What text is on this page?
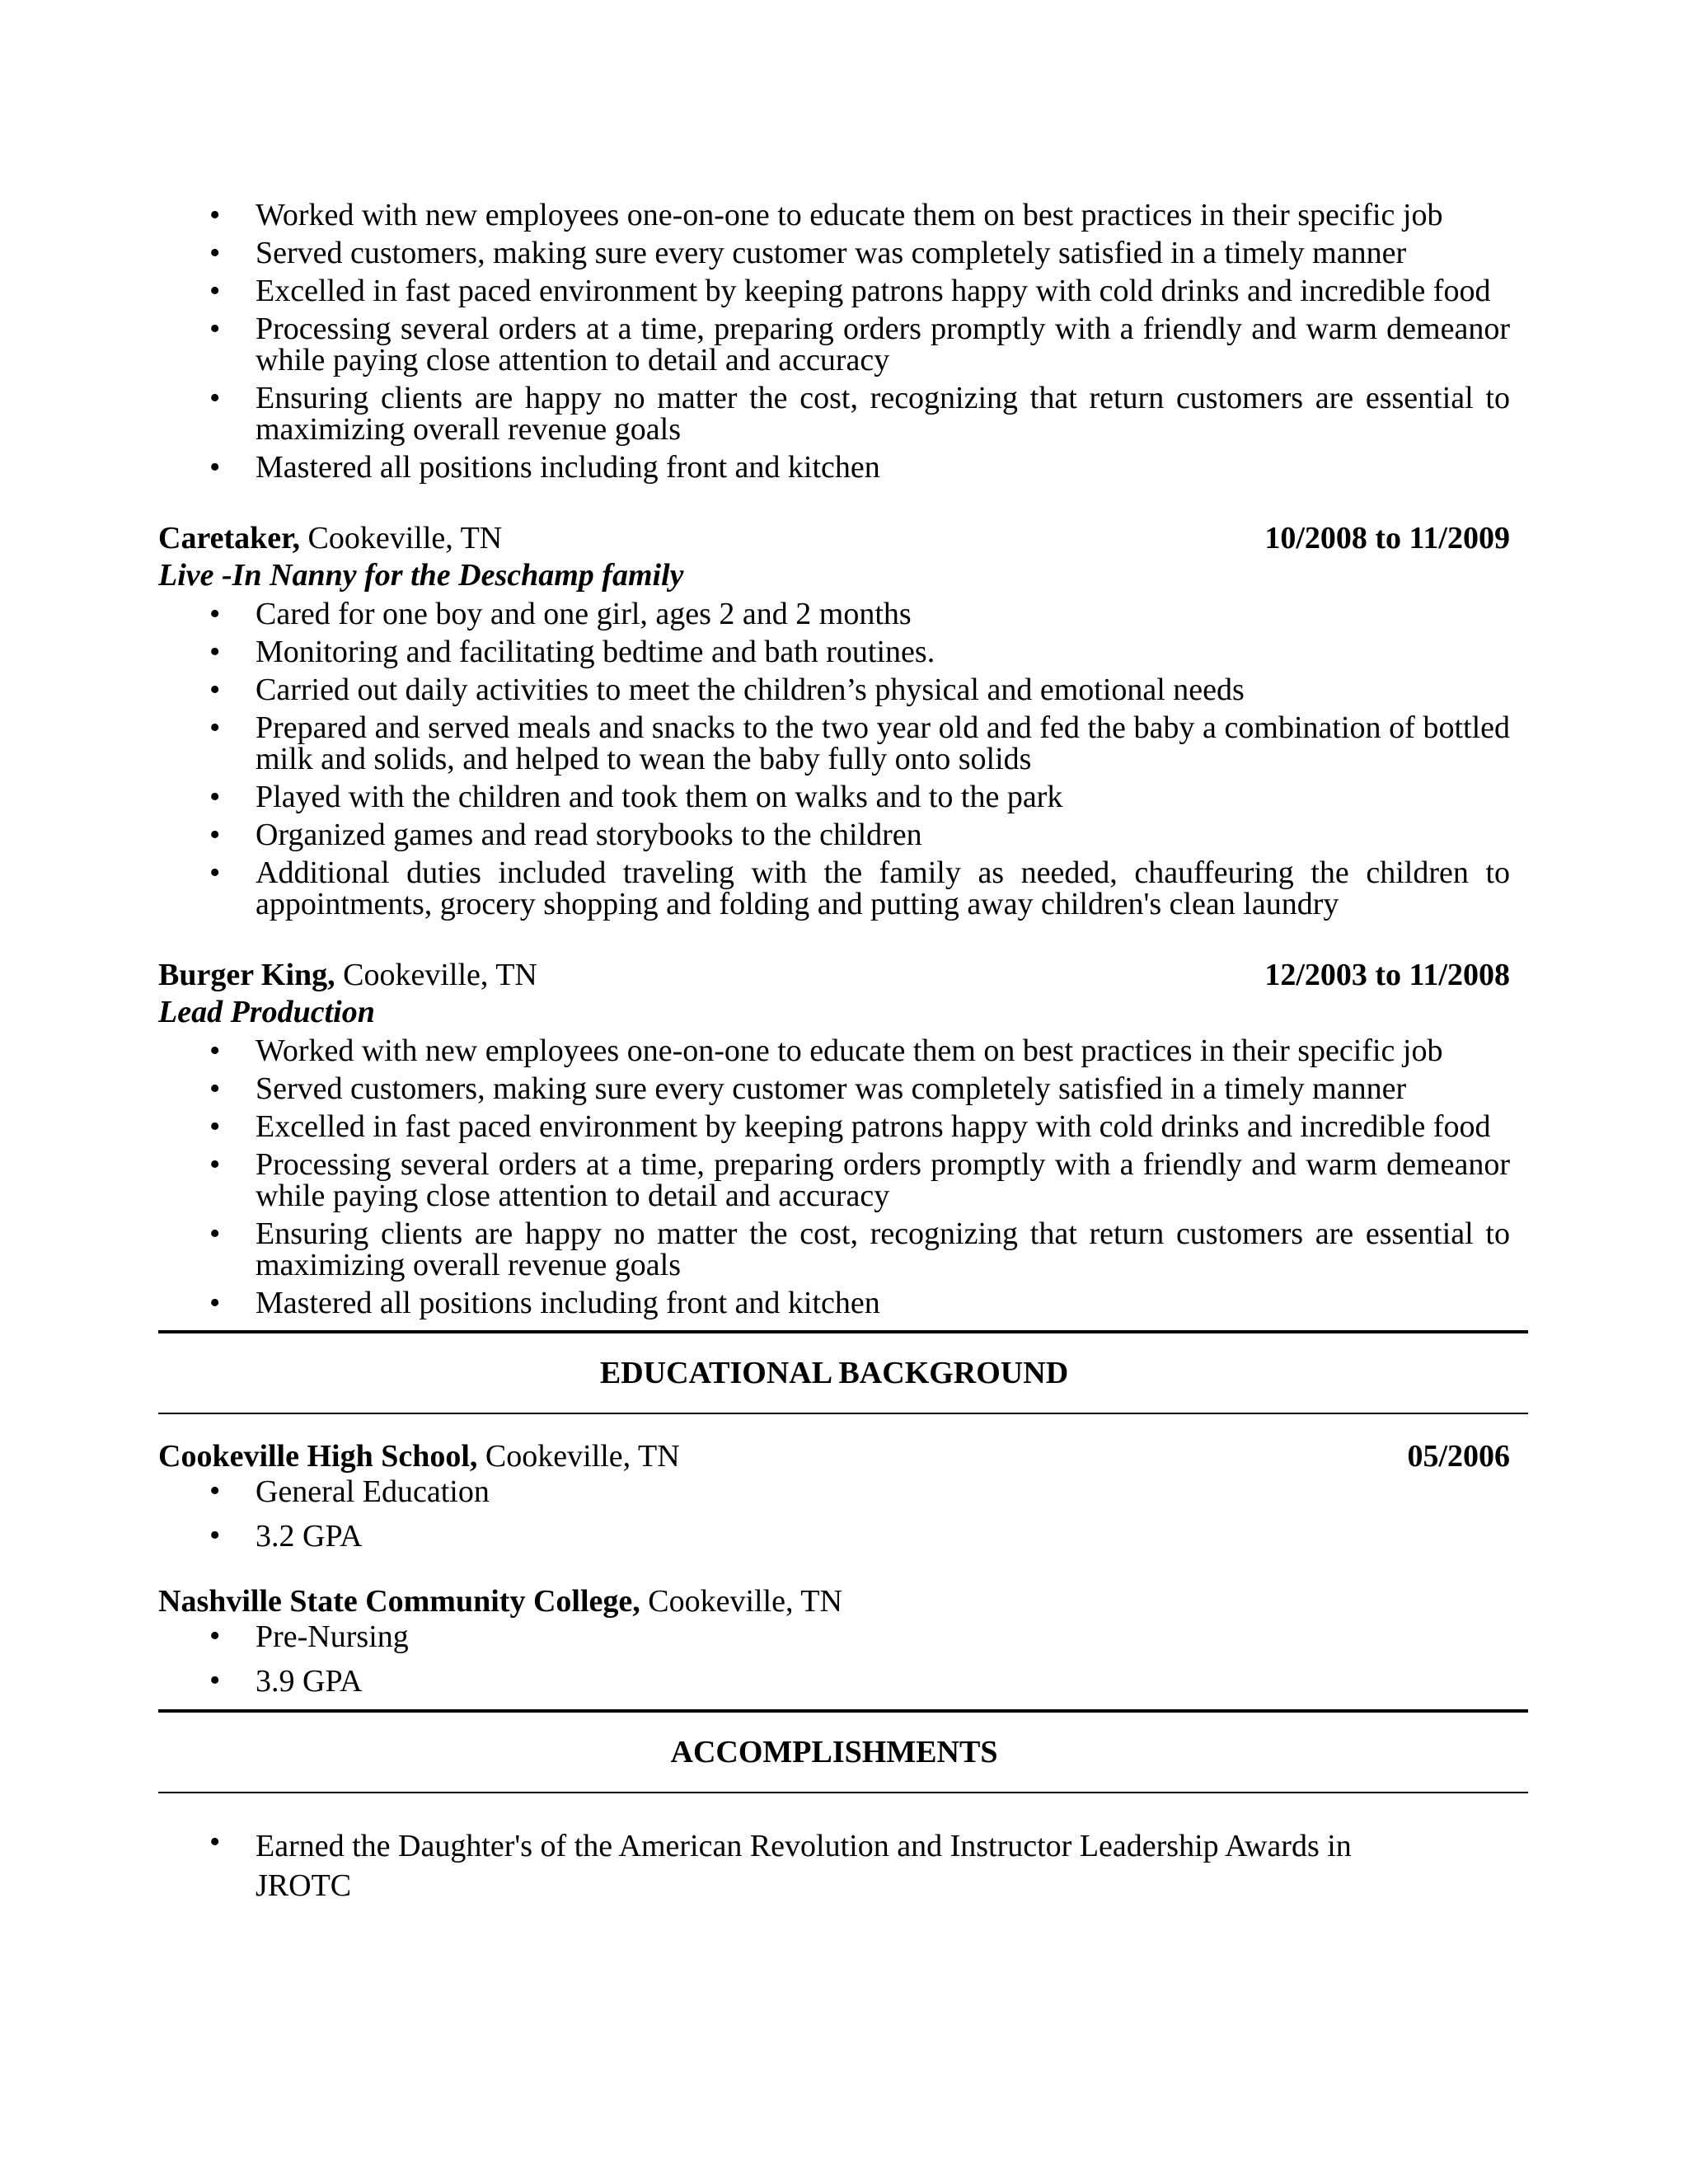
• Worked with new employees one-on-one to educate them on best practices in their specific job
• Served customers, making sure every customer was completely satisfied in a timely manner
• Excelled in fast paced environment by keeping patrons happy with cold drinks and incredible food
• Processing several orders at a time, preparing orders promptly with a friendly and warm demeanor while paying close attention to detail and accuracy
• Ensuring clients are happy no matter the cost, recognizing that return customers are essential to maximizing overall revenue goals
• Mastered all positions including front and kitchen
Caretaker, Cookeville, TN	10/2008 to 11/2009
Live -In Nanny for the Deschamp family
• Cared for one boy and one girl, ages 2 and 2 months
• Monitoring and facilitating bedtime and bath routines.
• Carried out daily activities to meet the children’s physical and emotional needs
• Prepared and served meals and snacks to the two year old and fed the baby a combination of bottled milk and solids, and helped to wean the baby fully onto solids
• Played with the children and took them on walks and to the park
• Organized games and read storybooks to the children
• Additional duties included traveling with the family as needed, chauffeuring the children to appointments, grocery shopping and folding and putting away children's clean laundry
Burger King, Cookeville, TN	12/2003 to 11/2008
Lead Production
• Worked with new employees one-on-one to educate them on best practices in their specific job
• Served customers, making sure every customer was completely satisfied in a timely manner
• Excelled in fast paced environment by keeping patrons happy with cold drinks and incredible food
• Processing several orders at a time, preparing orders promptly with a friendly and warm demeanor while paying close attention to detail and accuracy
• Ensuring clients are happy no matter the cost, recognizing that return customers are essential to maximizing overall revenue goals
• Mastered all positions including front and kitchen
EDUCATIONAL BACKGROUND
Cookeville High School, Cookeville, TN	05/2006
• General Education
• 3.2 GPA
Nashville State Community College, Cookeville, TN
• Pre-Nursing
• 3.9 GPA
ACCOMPLISHMENTS
• Earned the Daughter's of the American Revolution and Instructor Leadership Awards in JROTC
